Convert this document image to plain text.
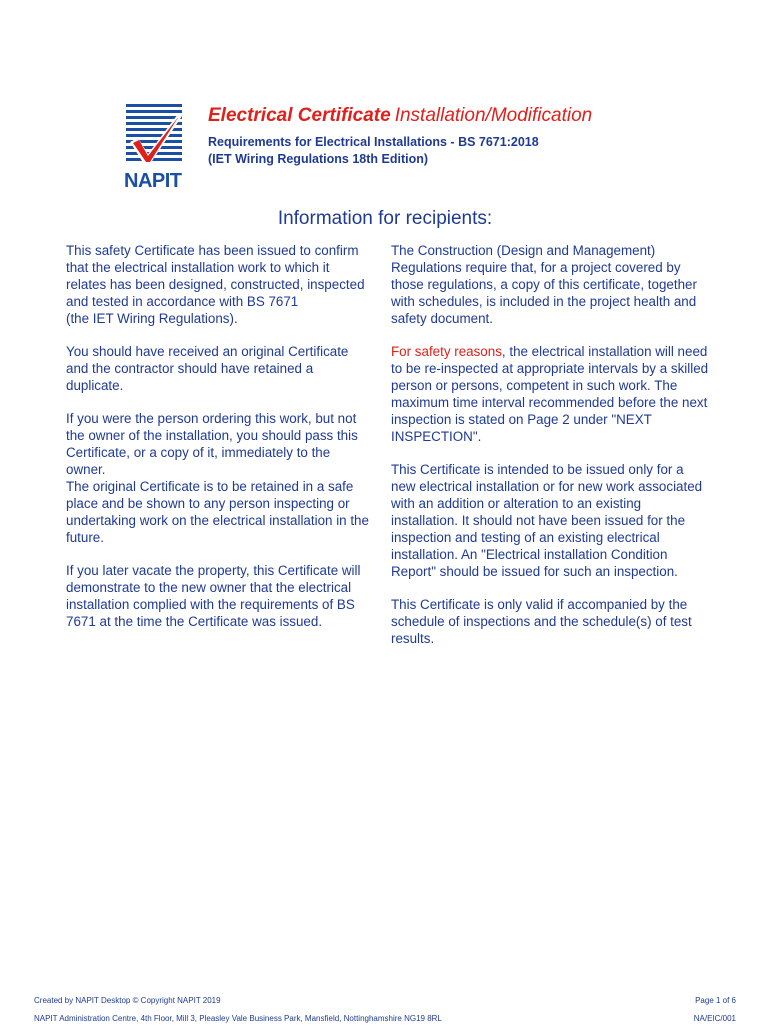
NAPIT
Electrical Certificate Installation/Modification
Requirements for Electrical Installations - BS 7671:2018
(IET Wiring Regulations 18th Edition)
Information for recipients:

This safety Certificate has been issued to confirm that the electrical installation work to which it relates has been designed, constructed, inspected and tested in accordance with BS 7671
(the IET Wiring Regulations).

You should have received an original Certificate and the contractor should have retained a duplicate.

If you were the person ordering this work, but not the owner of the installation, you should pass this Certificate, or a copy of it, immediately to the owner.
The original Certificate is to be retained in a safe place and be shown to any person inspecting or undertaking work on the electrical installation in the
future.

If you later vacate the property, this Certificate will demonstrate to the new owner that the electrical installation complied with the requirements of BS 7671 at the time the Certificate was issued.

The Construction (Design and Management) Regulations require that, for a project covered by those regulations, a copy of this certificate, together with schedules, is included in the project health and safety document.

For safety reasons, the electrical installation will need to be re-inspected at appropriate intervals by a skilled person or persons, competent in such work. The maximum time interval recommended before the next inspection is stated on Page 2 under "NEXT INSPECTION".

This Certificate is intended to be issued only for a new electrical installation or for new work associated with an addition or alteration to an existing installation. It should not have been issued for the inspection and testing of an existing electrical installation. An "Electrical installation Condition Report" should be issued for such an inspection.

This Certificate is only valid if accompanied by the schedule of inspections and the schedule(s) of test results.

Created by NAPIT Desktop © Copyright NAPIT 2019
NAPIT Administration Centre, 4th Floor, Mill 3, Pleasley Vale Business Park, Mansfield, Nottinghamshire NG19 8RL
Page 1 of 6
NA/EIC/001
